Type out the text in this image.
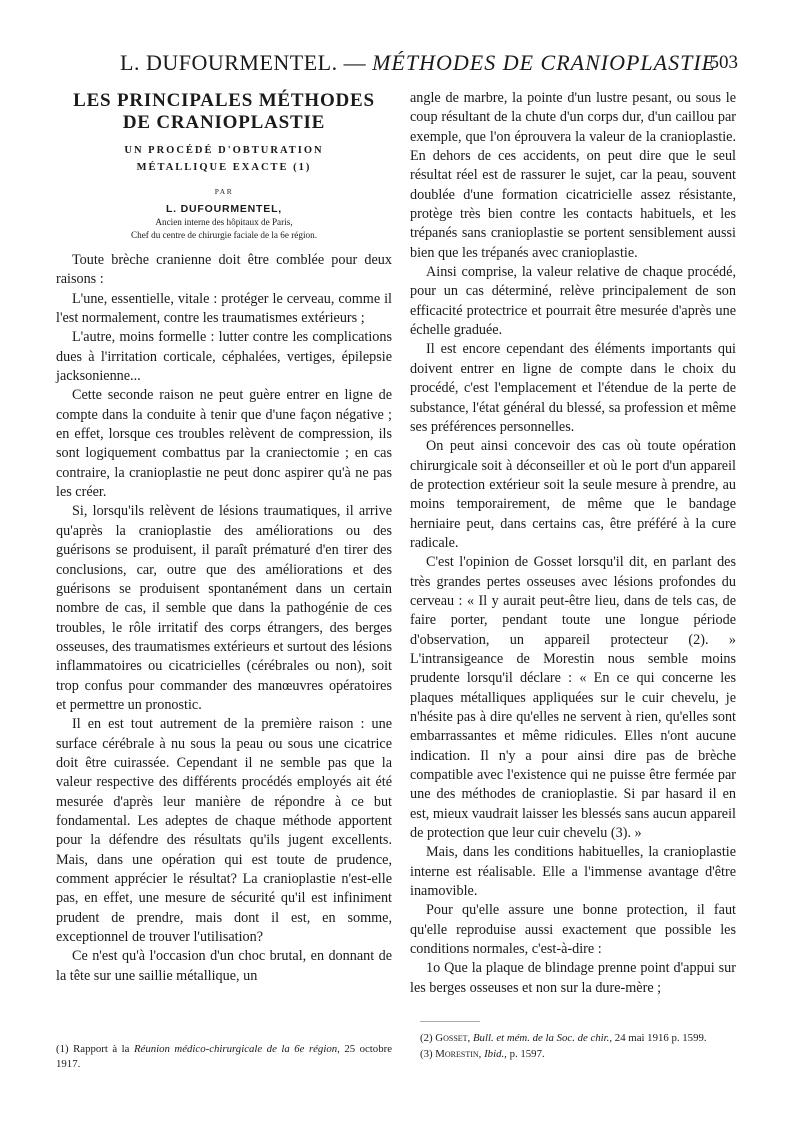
L. DUFOURMENTEL. — MÉTHODES DE CRANIOPLASTIE
503
LES PRINCIPALES MÉTHODES
DE CRANIOPLASTIE
UN PROCÉDÉ D'OBTURATION
MÉTALLIQUE EXACTE (1)
PAR
L. DUFOURMENTEL,
Ancien interne des hôpitaux de Paris,
Chef du centre de chirurgie faciale de la 6e région.

Toute brèche cranienne doit être comblée pour deux raisons :

L'une, essentielle, vitale : protéger le cerveau, comme il l'est normalement, contre les traumatismes extérieurs ;

L'autre, moins formelle : lutter contre les complications dues à l'irritation corticale, céphalées, vertiges, épilepsie jacksonienne...

Cette seconde raison ne peut guère entrer en ligne de compte dans la conduite à tenir que d'une façon négative ; en effet, lorsque ces troubles relèvent de compression, ils sont logiquement combattus par la craniectomie ; en cas contraire, la cranioplastie ne peut donc aspirer qu'à ne pas les créer.

Si, lorsqu'ils relèvent de lésions traumatiques, il arrive qu'après la cranioplastie des améliorations ou des guérisons se produisent, il paraît prématuré d'en tirer des conclusions, car, outre que des améliorations et des guérisons se produisent spontanément dans un certain nombre de cas, il semble que dans la pathogénie de ces troubles, le rôle irritatif des corps étrangers, des berges osseuses, des traumatismes extérieurs et surtout des lésions inflammatoires ou cicatricielles (cérébrales ou non), soit trop confus pour commander des manœuvres opératoires et permettre un pronostic.

Il en est tout autrement de la première raison : une surface cérébrale à nu sous la peau ou sous une cicatrice doit être cuirassée. Cependant il ne semble pas que la valeur respective des différents procédés employés ait été mesurée d'après leur manière de répondre à ce but fondamental. Les adeptes de chaque méthode apportent pour la défendre des résultats qu'ils jugent excellents. Mais, dans une opération qui est toute de prudence, comment apprécier le résultat? La cranioplastie n'est-elle pas, en effet, une mesure de sécurité qu'il est infiniment prudent de prendre, mais dont il est, en somme, exceptionnel de trouver l'utilisation?

Ce n'est qu'à l'occasion d'un choc brutal, en donnant de la tête sur une saillie métallique, un

(1) Rapport à la Réunion médico-chirurgicale de la 6e région, 25 octobre 1917.

angle de marbre, la pointe d'un lustre pesant, ou sous le coup résultant de la chute d'un corps dur, d'un caillou par exemple, que l'on éprouvera la valeur de la cranioplastie. En dehors de ces accidents, on peut dire que le seul résultat réel est de rassurer le sujet, car la peau, souvent doublée d'une formation cicatricielle assez résistante, protège très bien contre les contacts habituels, et les trépanés sans cranioplastie se portent sensiblement aussi bien que les trépanés avec cranioplastie.

Ainsi comprise, la valeur relative de chaque procédé, pour un cas déterminé, relève principalement de son efficacité protectrice et pourrait être mesurée d'après une échelle graduée.

Il est encore cependant des éléments importants qui doivent entrer en ligne de compte dans le choix du procédé, c'est l'emplacement et l'étendue de la perte de substance, l'état général du blessé, sa profession et même ses préférences personnelles.

On peut ainsi concevoir des cas où toute opération chirurgicale soit à déconseiller et où le port d'un appareil de protection extérieur soit la seule mesure à prendre, au moins temporairement, de même que le bandage herniaire peut, dans certains cas, être préféré à la cure radicale.

C'est l'opinion de Gosset lorsqu'il dit, en parlant des très grandes pertes osseuses avec lésions profondes du cerveau : « Il y aurait peut-être lieu, dans de tels cas, de faire porter, pendant toute une longue période d'observation, un appareil protecteur (2). » L'intransigeance de Morestin nous semble moins prudente lorsqu'il déclare : « En ce qui concerne les plaques métalliques appliquées sur le cuir chevelu, je n'hésite pas à dire qu'elles ne servent à rien, qu'elles sont embarrassantes et même ridicules. Elles n'ont aucune indication. Il n'y a pour ainsi dire pas de brèche compatible avec l'existence qui ne puisse être fermée par une des méthodes de cranioplastie. Si par hasard il en est, mieux vaudrait laisser les blessés sans aucun appareil de protection que leur cuir chevelu (3). »

Mais, dans les conditions habituelles, la cranioplastie interne est réalisable. Elle a l'immense avantage d'être inamovible.

Pour qu'elle assure une bonne protection, il faut qu'elle reproduise aussi exactement que possible les conditions normales, c'est-à-dire :

1o Que la plaque de blindage prenne point d'appui sur les berges osseuses et non sur la dure-mère ;

(2) Gosset, Bull. et mém. de la Soc. de chir., 24 mai 1916 p. 1599.

(3) Morestin, Ibid., p. 1597.
